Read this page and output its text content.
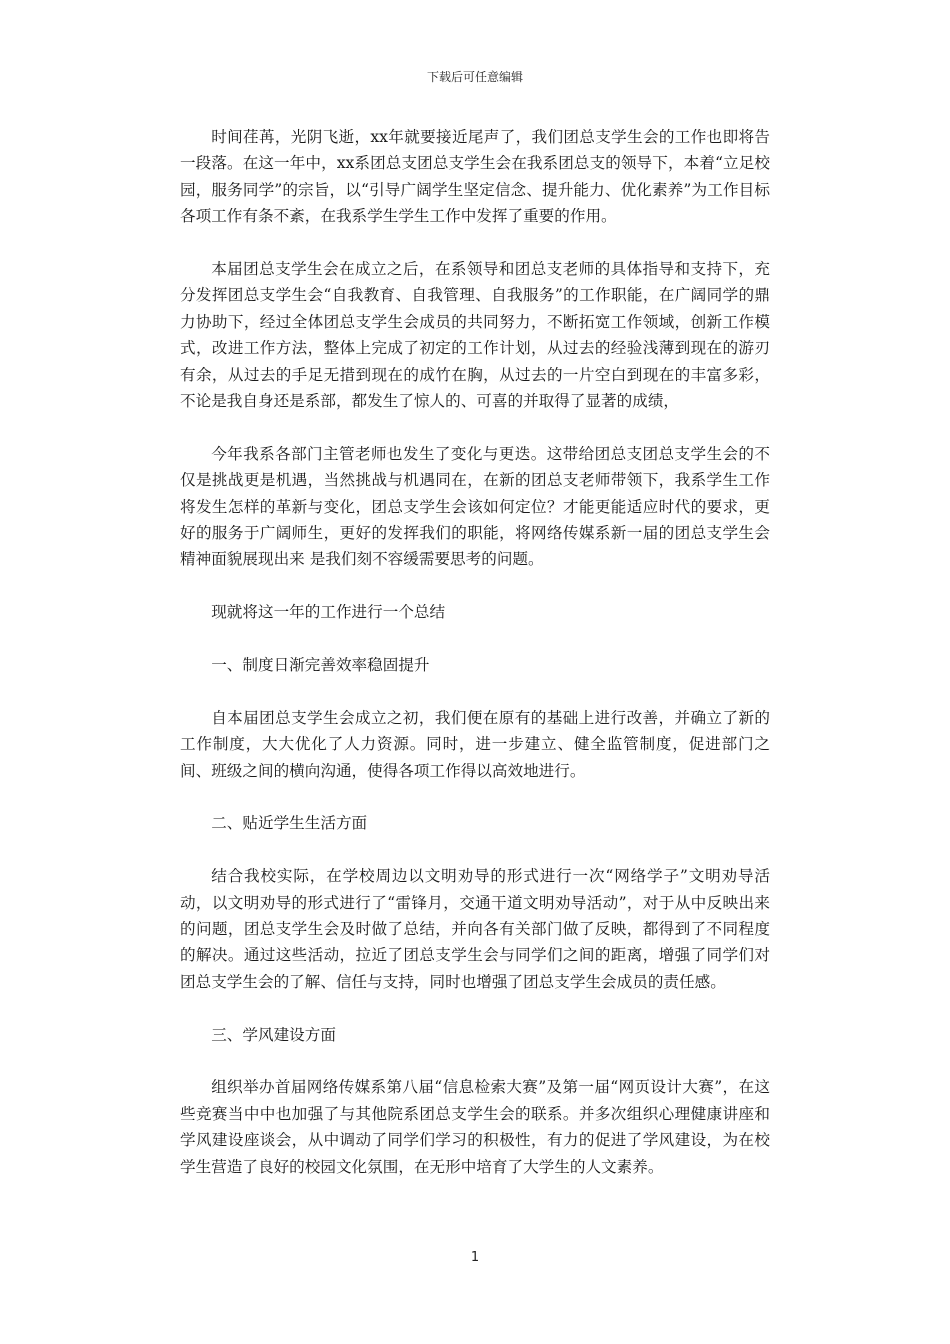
下载后可任意编辑

时间荏苒，光阴飞逝，xx年就要接近尾声了，我们团总支学生会的工作也即将告一段落。在这一年中，xx系团总支团总支学生会在我系团总支的领导下，本着“立足校园，服务同学”的宗旨，以“引导广阔学生坚定信念、提升能力、优化素养”为工作目标各项工作有条不紊，在我系学生学生工作中发挥了重要的作用。

本届团总支学生会在成立之后，在系领导和团总支老师的具体指导和支持下，充分发挥团总支学生会“自我教育、自我管理、自我服务”的工作职能，在广阔同学的鼎力协助下，经过全体团总支学生会成员的共同努力，不断拓宽工作领域，创新工作模式，改进工作方法，整体上完成了初定的工作计划，从过去的经验浅薄到现在的游刃有余，从过去的手足无措到现在的成竹在胸，从过去的一片空白到现在的丰富多彩，不论是我自身还是系部，都发生了惊人的、可喜的并取得了显著的成绩，

今年我系各部门主管老师也发生了变化与更迭。这带给团总支团总支学生会的不仅是挑战更是机遇，当然挑战与机遇同在，在新的团总支老师带领下，我系学生工作将发生怎样的革新与变化，团总支学生会该如何定位？才能更能适应时代的要求，更好的服务于广阔师生，更好的发挥我们的职能，将网络传媒系新一届的团总支学生会精神面貌展现出来 是我们刻不容缓需要思考的问题。

现就将这一年的工作进行一个总结

一、制度日渐完善效率稳固提升

自本届团总支学生会成立之初，我们便在原有的基础上进行改善，并确立了新的工作制度，大大优化了人力资源。同时，进一步建立、健全监管制度，促进部门之间、班级之间的横向沟通，使得各项工作得以高效地进行。

二、贴近学生生活方面

结合我校实际，在学校周边以文明劝导的形式进行一次“网络学子”文明劝导活动，以文明劝导的形式进行了“雷锋月，交通干道文明劝导活动”，对于从中反映出来的问题，团总支学生会及时做了总结，并向各有关部门做了反映，都得到了不同程度的解决。通过这些活动，拉近了团总支学生会与同学们之间的距离，增强了同学们对团总支学生会的了解、信任与支持，同时也增强了团总支学生会成员的责任感。

三、学风建设方面

组织举办首届网络传媒系第八届“信息检索大赛”及第一届“网页设计大赛”，在这些竞赛当中中也加强了与其他院系团总支学生会的联系。并多次组织心理健康讲座和学风建设座谈会，从中调动了同学们学习的积极性，有力的促进了学风建设，为在校学生营造了良好的校园文化氛围，在无形中培育了大学生的人文素养。

1
